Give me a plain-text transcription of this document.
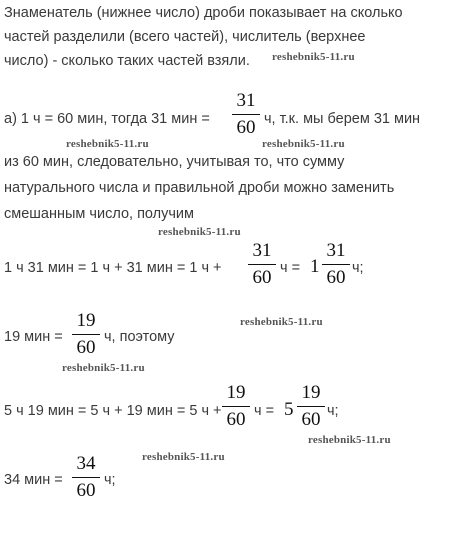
Знаменатель (нижнее число) дроби показывает на сколько
частей разделили (всего частей), числитель (верхнее
число) - сколько таких частей взяли.
а) 1 ч = 60 мин, тогда 31 мин =
31
60 ч, т.к. мы берем 31 мин
из 60 мин, следовательно, учитывая то, что сумму
натурального числа и правильной дроби можно заменить
смешанным число, получим
1 ч 31 мин = 1 ч + 31 мин = 1 ч +
31
60 ч = 1
31
60 ч;
19 мин =
19
60 ч, поэтому
5 ч 19 мин = 5 ч + 19 мин = 5 ч +
19
60 ч = 5
19
60 ч;
34 мин =
34
60 ч;
reshebnik5-11.ru
reshebnik5-11.ru	reshebnik5-11.ru
reshebnik5-11.ru
reshebnik5-11.ru
reshebnik5-11.ru
reshebnik5-11.ru
reshebnik5-11.ru
